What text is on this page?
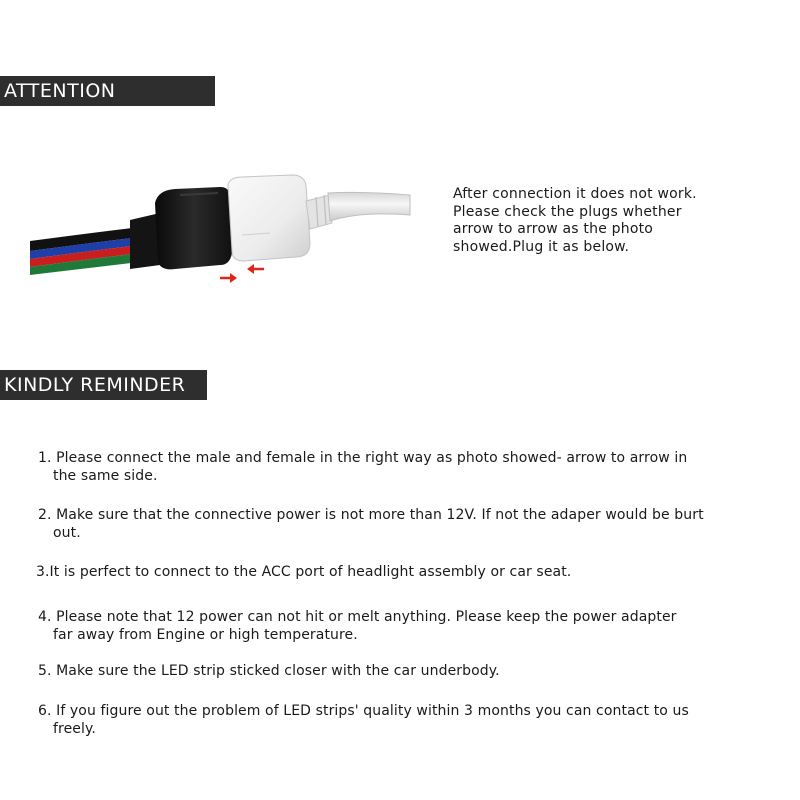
ATTENTION
After connection it does not work.
Please check the plugs whether
arrow to arrow as the photo
showed.Plug it as below.
KINDLY REMINDER
1. Please connect the male and female in the right way as photo showed- arrow to arrow in
the same side.
2. Make sure that the connective power is not more than 12V. If not the adaper would be burt
out.
3.It is perfect to connect to the ACC port of headlight assembly or car seat.
4. Please note that 12 power can not hit or melt anything. Please keep the power adapter
far away from Engine or high temperature.
5. Make sure the LED strip sticked closer with the car underbody.
6. If you figure out the problem of LED strips' quality within 3 months you can contact to us
freely.
